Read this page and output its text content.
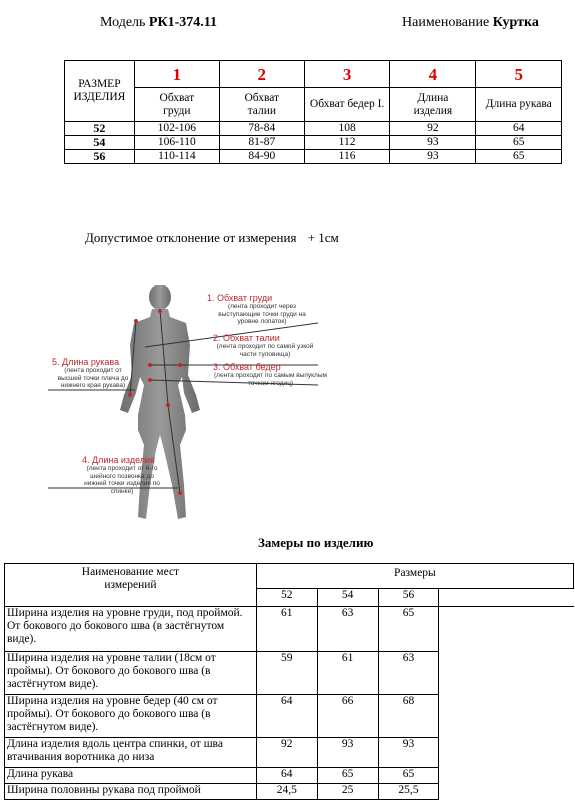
Модель РК1-374.11	Наименование Куртка
РАЗМЕР ИЗДЕЛИЯ	1	2	3	4	5
	Обхват груди	Обхват талии	Обхват бедер I.	Длина изделия	Длина рукава
52	102-106	78-84	108	92	64
54	106-110	81-87	112	93	65
56	110-114	84-90	116	93	65
Допустимое отклонение от измерения + 1см
1. Обхват груди
(лента проходит через выступающие точки груди на уровне лопаток)
2. Обхват талии
(лента проходит по самой узкой части туловища)
3. Обхват бедер
(лента проходит по самым выпуклым точкам ягодиц)
5. Длина рукава
(лента проходит от высшей точки плеча до нижнего края рукава)
4. Длина изделия
(лента проходит от 6-го шейного позвонка до нижней точки изделия по спинке)
Замеры по изделию
Наименование мест измерений	Размеры			
	52	54	56	
Ширина изделия на уровне груди, под проймой. От бокового до бокового шва (в застёгнутом виде).	61	63	65	
Ширина изделия на уровне талии (18см от проймы). От бокового до бокового шва (в застёгнутом виде).	59	61	63	
Ширина изделия на уровне бедер (40 см от проймы). От бокового до бокового шва (в застёгнутом виде).	64	66	68	
Длина изделия вдоль центра спинки, от шва втачивания воротника до низа	92	93	93	
Длина рукава	64	65	65	
Ширина половины рукава под проймой	24,5	25	25,5	
